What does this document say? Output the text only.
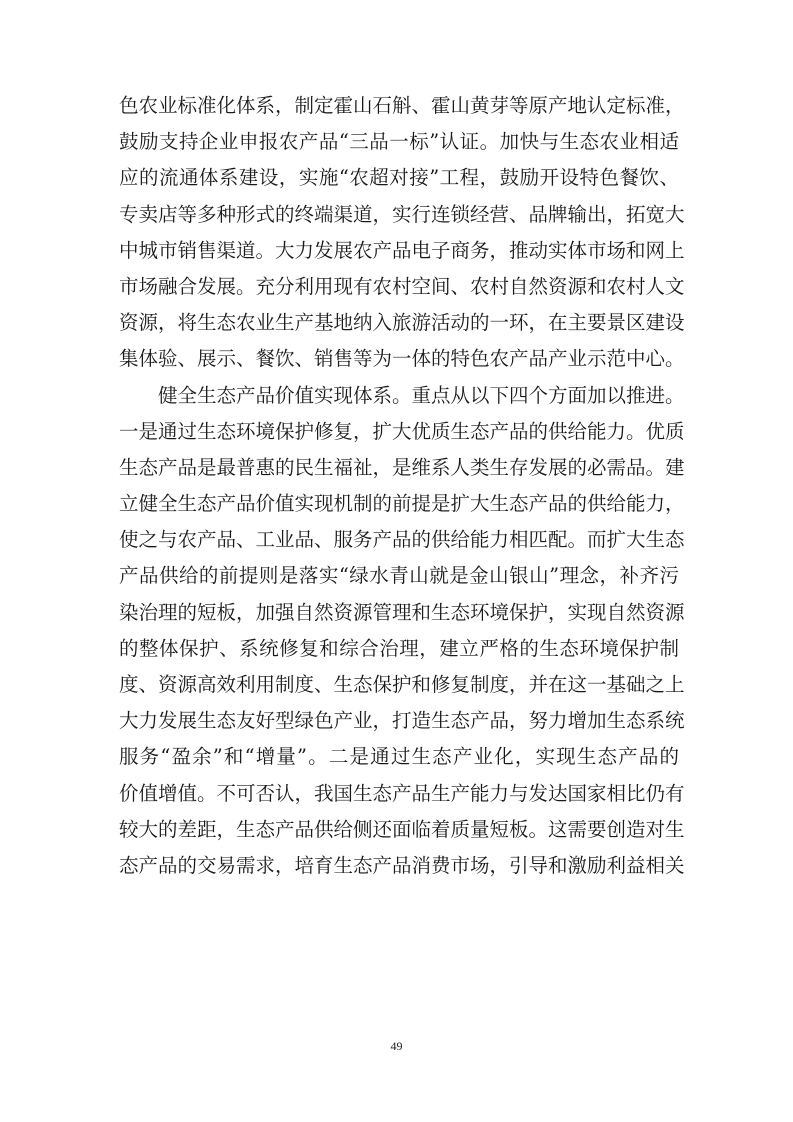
色农业标准化体系，制定霍山石斛、霍山黄芽等原产地认定标准，
鼓励支持企业申报农产品“三品一标”认证。加快与生态农业相适
应的流通体系建设，实施“农超对接”工程，鼓励开设特色餐饮、
专卖店等多种形式的终端渠道，实行连锁经营、品牌输出，拓宽大
中城市销售渠道。大力发展农产品电子商务，推动实体市场和网上
市场融合发展。充分利用现有农村空间、农村自然资源和农村人文
资源，将生态农业生产基地纳入旅游活动的一环，在主要景区建设
集体验、展示、餐饮、销售等为一体的特色农产品产业示范中心。
健全生态产品价值实现体系。重点从以下四个方面加以推进。
一是通过生态环境保护修复，扩大优质生态产品的供给能力。优质
生态产品是最普惠的民生福祉，是维系人类生存发展的必需品。建
立健全生态产品价值实现机制的前提是扩大生态产品的供给能力，
使之与农产品、工业品、服务产品的供给能力相匹配。而扩大生态
产品供给的前提则是落实“绿水青山就是金山银山”理念，补齐污
染治理的短板，加强自然资源管理和生态环境保护，实现自然资源
的整体保护、系统修复和综合治理，建立严格的生态环境保护制
度、资源高效利用制度、生态保护和修复制度，并在这一基础之上
大力发展生态友好型绿色产业，打造生态产品，努力增加生态系统
服务“盈余”和“增量”。二是通过生态产业化，实现生态产品的
价值增值。不可否认，我国生态产品生产能力与发达国家相比仍有
较大的差距，生态产品供给侧还面临着质量短板。这需要创造对生
态产品的交易需求，培育生态产品消费市场，引导和激励利益相关
49
